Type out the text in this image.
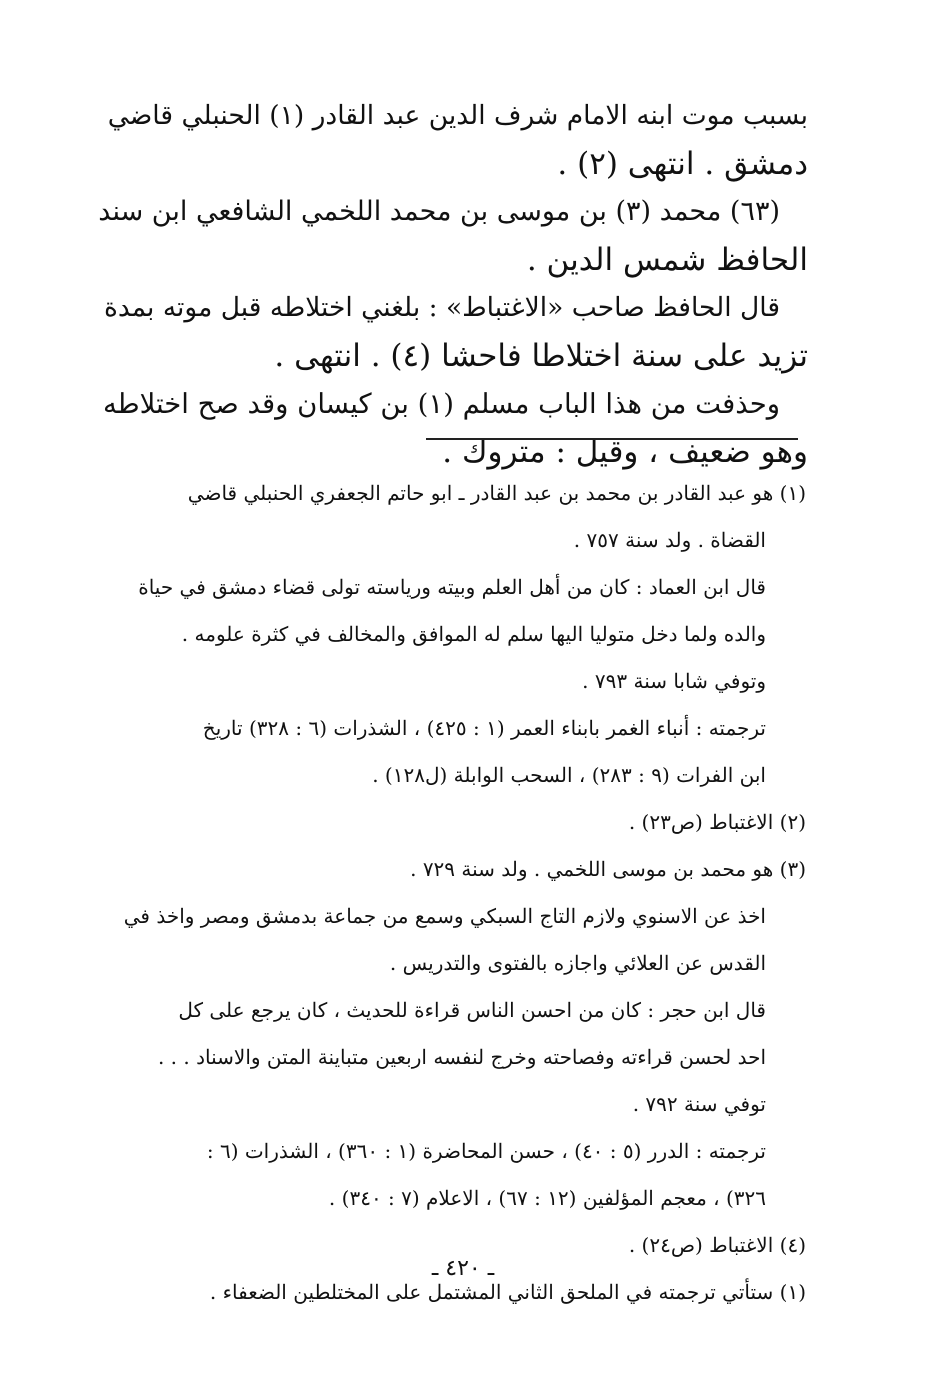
بسبب موت ابنه الامام شرف الدين عبد القادر (١) الحنبلي قاضي
دمشق . انتهى (٢) .
(٦٣) محمد (٣) بن موسى بن محمد اللخمي الشافعي ابن سند
الحافظ شمس الدين .
قال الحافظ صاحب «الاغتباط» : بلغني اختلاطه قبل موته بمدة
تزيد على سنة اختلاطا فاحشا (٤) . انتهى .
وحذفت من هذا الباب مسلم (١) بن كيسان وقد صح اختلاطه
وهو ضعيف ، وقيل : متروك .
(١) هو عبد القادر بن محمد بن عبد القادر ـ ابو حاتم الجعفري الحنبلي قاضي
القضاة . ولد سنة ٧٥٧ .
قال ابن العماد : كان من أهل العلم وبيته ورياسته تولى قضاء دمشق في حياة
والده ولما دخل متوليا اليها سلم له الموافق والمخالف في كثرة علومه .
وتوفي شابا سنة ٧٩٣ .
ترجمته : أنباء الغمر بابناء العمر (١ : ٤٢٥) ، الشذرات (٦ : ٣٢٨) تاريخ
ابن الفرات (٩ : ٢٨٣) ، السحب الوابلة (ل١٢٨) .
(٢) الاغتباط (ص٢٣) .
(٣) هو محمد بن موسى اللخمي . ولد سنة ٧٢٩ .
اخذ عن الاسنوي ولازم التاج السبكي وسمع من جماعة بدمشق ومصر واخذ في
القدس عن العلائي واجازه بالفتوى والتدريس .
قال ابن حجر : كان من احسن الناس قراءة للحديث ، كان يرجع على كل
احد لحسن قراءته وفصاحته وخرج لنفسه اربعين متباينة المتن والاسناد . . .
توفي سنة ٧٩٢ .
ترجمته : الدرر (٥ : ٤٠) ، حسن المحاضرة (١ : ٣٦٠) ، الشذرات (٦ :
٣٢٦) ، معجم المؤلفين (١٢ : ٦٧) ، الاعلام (٧ : ٣٤٠) .
(٤) الاغتباط (ص٢٤) .
(١) ستأتي ترجمته في الملحق الثاني المشتمل على المختلطين الضعفاء .
ـ ٤٢٠ ـ
